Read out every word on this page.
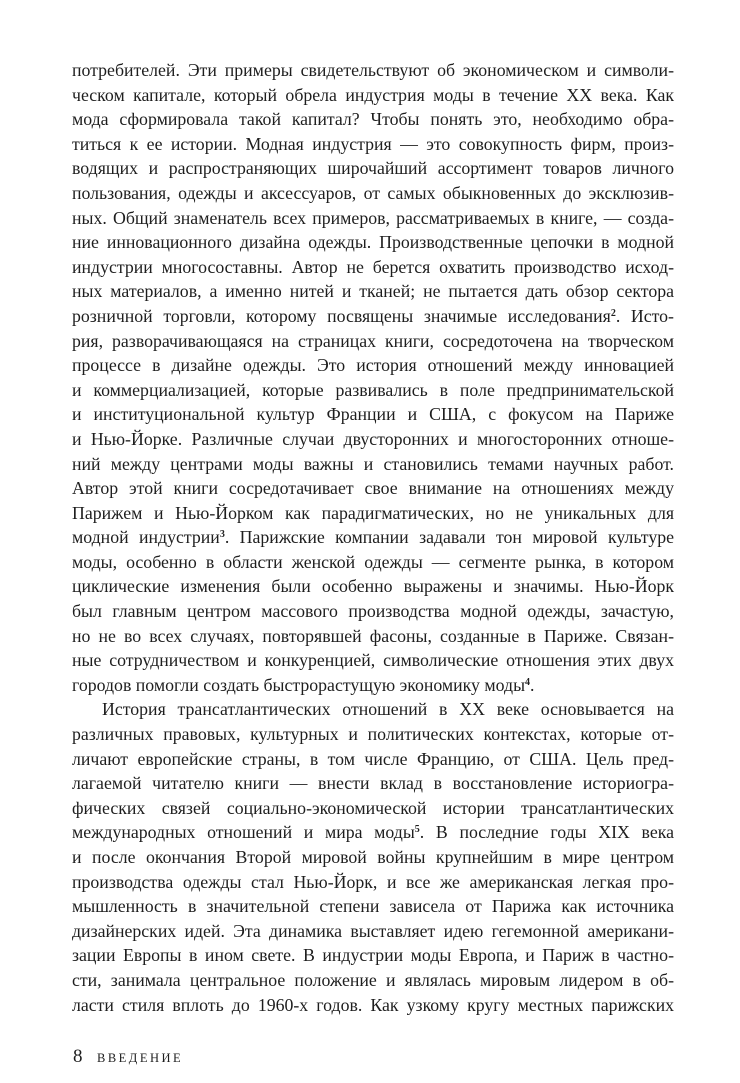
потребителей. Эти примеры свидетельствуют об экономическом и символи-
ческом капитале, который обрела индустрия моды в течение XX века. Как
мода сформировала такой капитал? Чтобы понять это, необходимо обра-
титься к ее истории. Модная индустрия — это совокупность фирм, произ-
водящих и распространяющих широчайший ассортимент товаров личного
пользования, одежды и аксессуаров, от самых обыкновенных до эксклюзив-
ных. Общий знаменатель всех примеров, рассматриваемых в книге, — созда-
ние инновационного дизайна одежды. Производственные цепочки в модной
индустрии многосоставны. Автор не берется охватить производство исход-
ных материалов, а именно нитей и тканей; не пытается дать обзор сектора
розничной торговли, которому посвящены значимые исследования$^2$. Исто-
рия, разворачивающаяся на страницах книги, сосредоточена на творческом
процессе в дизайне одежды. Это история отношений между инновацией
и коммерциализацией, которые развивались в поле предпринимательской
и институциональной культур Франции и США, с фокусом на Париже
и Нью-Йорке. Различные случаи двусторонних и многосторонних отноше-
ний между центрами моды важны и становились темами научных работ.
Автор этой книги сосредотачивает свое внимание на отношениях между
Парижем и Нью-Йорком как парадигматических, но не уникальных для
модной индустрии$^3$. Парижские компании задавали тон мировой культуре
моды, особенно в области женской одежды — сегменте рынка, в котором
циклические изменения были особенно выражены и значимы. Нью-Йорк
был главным центром массового производства модной одежды, зачастую,
но не во всех случаях, повторявшей фасоны, созданные в Париже. Связан-
ные сотрудничеством и конкуренцией, символические отношения этих двух
городов помогли создать быстрорастущую экономику моды$^4$.
История трансатлантических отношений в XX веке основывается на
различных правовых, культурных и политических контекстах, которые от-
личают европейские страны, в том числе Францию, от США. Цель пред-
лагаемой читателю книги — внести вклад в восстановление историогра-
фических связей социально-экономической истории трансатлантических
международных отношений и мира моды$^5$. В последние годы XIX века
и после окончания Второй мировой войны крупнейшим в мире центром
производства одежды стал Нью-Йорк, и все же американская легкая про-
мышленность в значительной степени зависела от Парижа как источника
дизайнерских идей. Эта динамика выставляет идею гегемонной американи-
зации Европы в ином свете. В индустрии моды Европа, и Париж в частно-
сти, занимала центральное положение и являлась мировым лидером в об-
ласти стиля вплоть до 1960-х годов. Как узкому кругу местных парижских
8 ВВЕДЕНИЕ
